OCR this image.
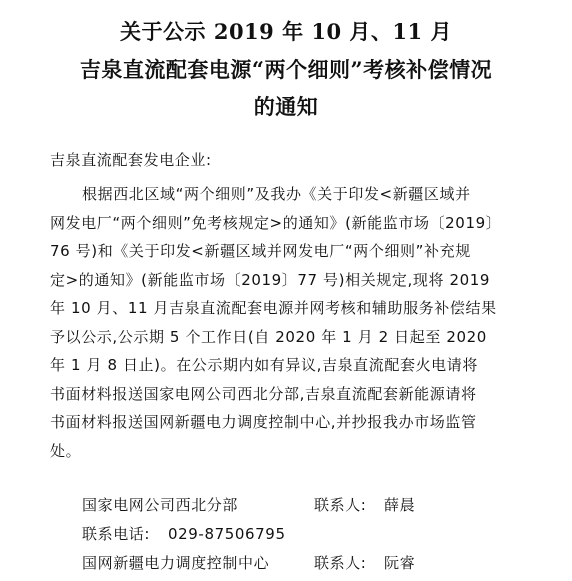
关于公示 2019 年 10 月、11 月
吉泉直流配套电源“两个细则”考核补偿情况
的通知
吉泉直流配套发电企业:
根据西北区域“两个细则”及我办《关于印发<新疆区域并
网发电厂“两个细则”免考核规定>的通知》(新能监市场〔2019〕
76 号)和《关于印发<新疆区域并网发电厂“两个细则”补充规
定>的通知》(新能监市场〔2019〕77 号)相关规定,现将 2019
年 10 月、11 月吉泉直流配套电源并网考核和辅助服务补偿结果
予以公示,公示期 5 个工作日(自 2020 年 1 月 2 日起至 2020
年 1 月 8 日止)。在公示期内如有异议,吉泉直流配套火电请将
书面材料报送国家电网公司西北分部,吉泉直流配套新能源请将
书面材料报送国网新疆电力调度控制中心,并抄报我办市场监管
处。
国家电网公司西北分部	联系人: 薛晨
联系电话: 029-87506795
国网新疆电力调度控制中心	联系人: 阮睿
